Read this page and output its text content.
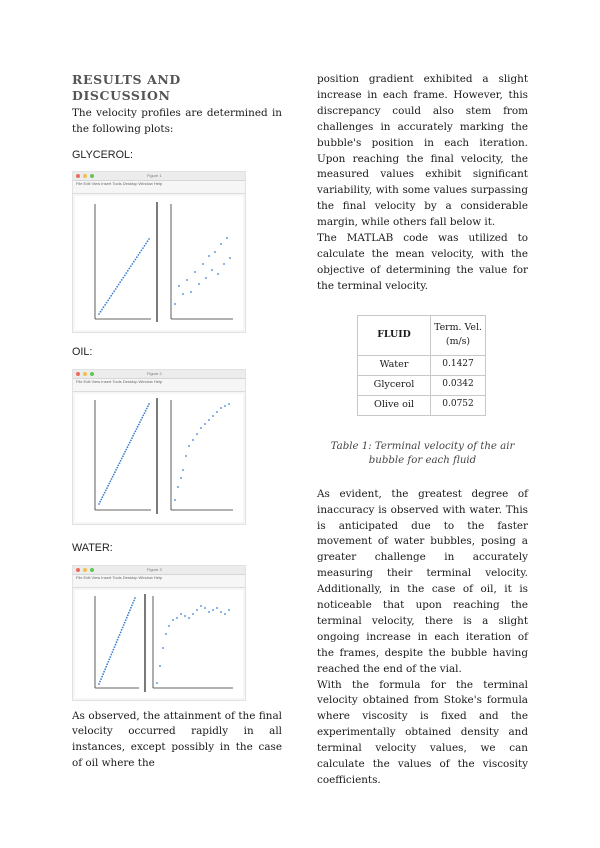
RESULTS AND DISCUSSION

The velocity profiles are determined in the following plots:

GLYCEROL:

Figure 1
File Edit View Insert Tools Desktop Window Help

OIL:

Figure 2
File Edit View Insert Tools Desktop Window Help

WATER:

Figure 3
File Edit View Insert Tools Desktop Window Help

As observed, the attainment of the final velocity occurred rapidly in all instances, except possibly in the case of oil where the

position gradient exhibited a slight increase in each frame. However, this discrepancy could also stem from challenges in accurately marking the bubble's position in each iteration. Upon reaching the final velocity, the measured values exhibit significant variability, with some values surpassing the final velocity by a considerable margin, while others fall below it.

The MATLAB code was utilized to calculate the mean velocity, with the objective of determining the value for the terminal velocity.

FLUID	Term. Vel.
(m/s)
Water	0.1427
Glycerol	0.0342
Olive oil	0.0752
Table 1: Terminal velocity of the air
bubble for each fluid

As evident, the greatest degree of inaccuracy is observed with water. This is anticipated due to the faster movement of water bubbles, posing a greater challenge in accurately measuring their terminal velocity. Additionally, in the case of oil, it is noticeable that upon reaching the terminal velocity, there is a slight ongoing increase in each iteration of the frames, despite the bubble having reached the end of the vial.

With the formula for the terminal velocity obtained from Stoke's formula where viscosity is fixed and the experimentally obtained density and terminal velocity values, we can calculate the values of the viscosity coefficients.
